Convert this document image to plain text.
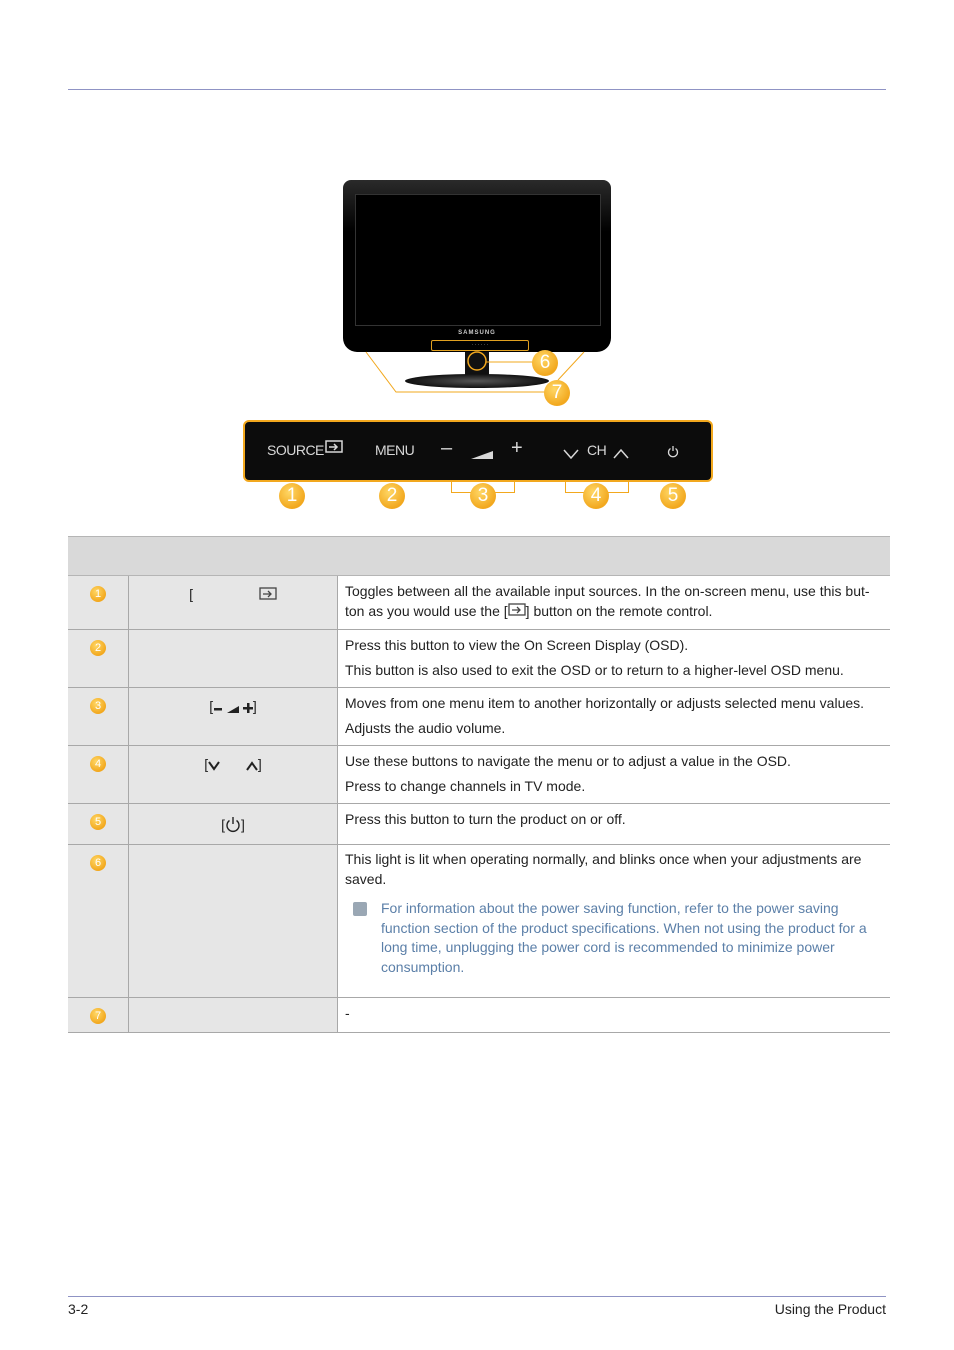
SAMSUNG
· · · · · ·
6
7
SOURCE	MENU –	+	CH
1	2	3	4	5

1	[	Toggles between all the available input sources. In the on-screen menu, use this but-
ton as you would use the [ ] button on the remote control.

2		Press this button to view the On Screen Display (OSD).

This button is also used to exit the OSD or to return to a higher-level OSD menu.

3	[ ]	Moves from one menu item to another horizontally or adjusts selected menu values.

Adjusts the audio volume.

4	[ ]	Use these buttons to navigate the menu or to adjust a value in the OSD.

Press to change channels in TV mode.

5	[ ]	Press this button to turn the product on or off.

6		This light is lit when operating normally, and blinks once when your adjustments are saved.

For information about the power saving function, refer to the power saving function section of the product specifications. When not using the product for a long time, unplugging the power cord is recommended to minimize power consumption.

7		-

3-2	Using the Product
